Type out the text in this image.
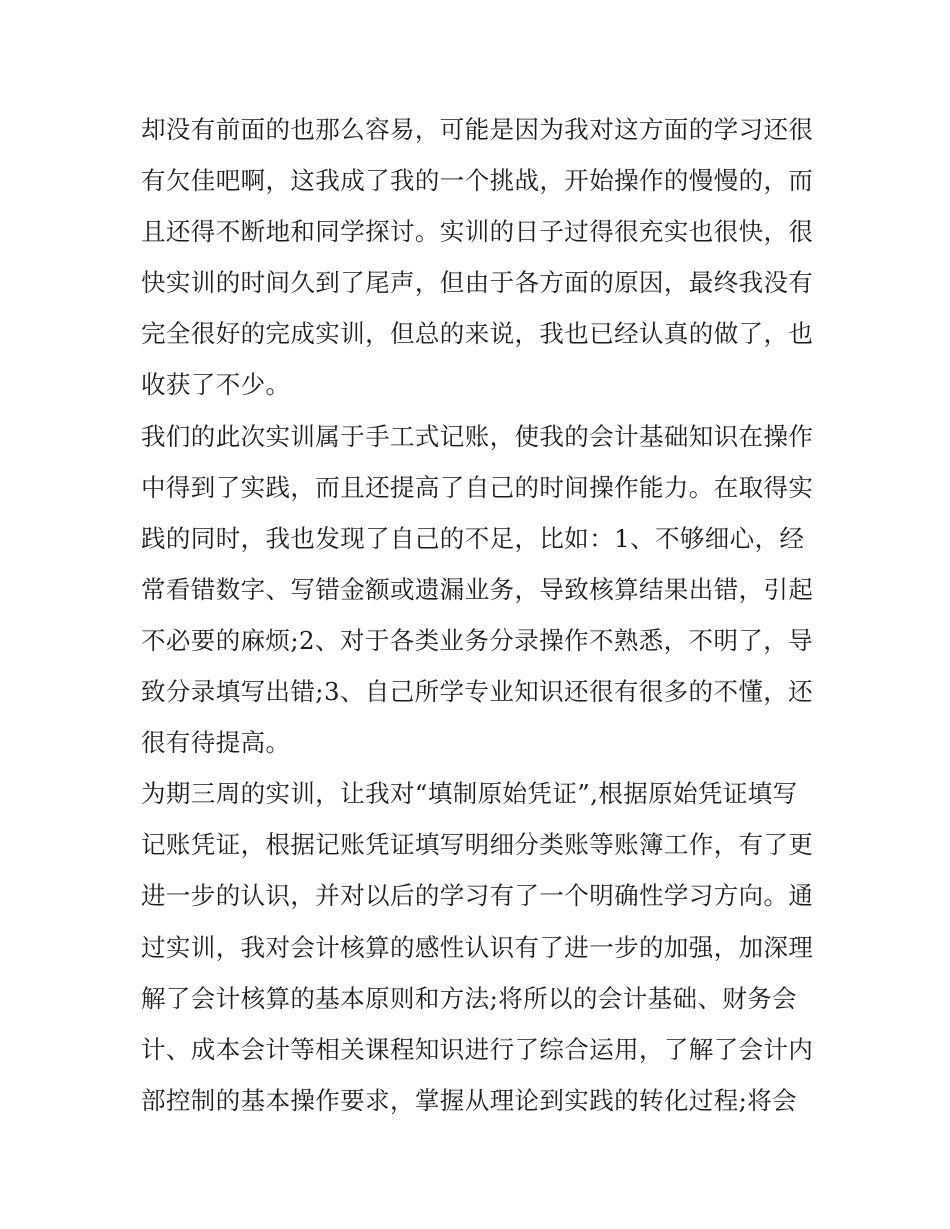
却没有前面的也那么容易，可能是因为我对这方面的学习还很
有欠佳吧啊，这我成了我的一个挑战，开始操作的慢慢的，而
且还得不断地和同学探讨。实训的日子过得很充实也很快，很
快实训的时间久到了尾声，但由于各方面的原因，最终我没有
完全很好的完成实训，但总的来说，我也已经认真的做了，也
收获了不少。
我们的此次实训属于手工式记账，使我的会计基础知识在操作
中得到了实践，而且还提高了自己的时间操作能力。在取得实
践的同时，我也发现了自己的不足，比如：1、不够细心，经
常看错数字、写错金额或遗漏业务，导致核算结果出错，引起
不必要的麻烦;2、对于各类业务分录操作不熟悉，不明了，导
致分录填写出错;3、自己所学专业知识还很有很多的不懂，还
很有待提高。
为期三周的实训，让我对“填制原始凭证”,根据原始凭证填写
记账凭证，根据记账凭证填写明细分类账等账簿工作，有了更
进一步的认识，并对以后的学习有了一个明确性学习方向。通
过实训，我对会计核算的感性认识有了进一步的加强，加深理
解了会计核算的基本原则和方法;将所以的会计基础、财务会
计、成本会计等相关课程知识进行了综合运用，了解了会计内
部控制的基本操作要求，掌握从理论到实践的转化过程;将会
